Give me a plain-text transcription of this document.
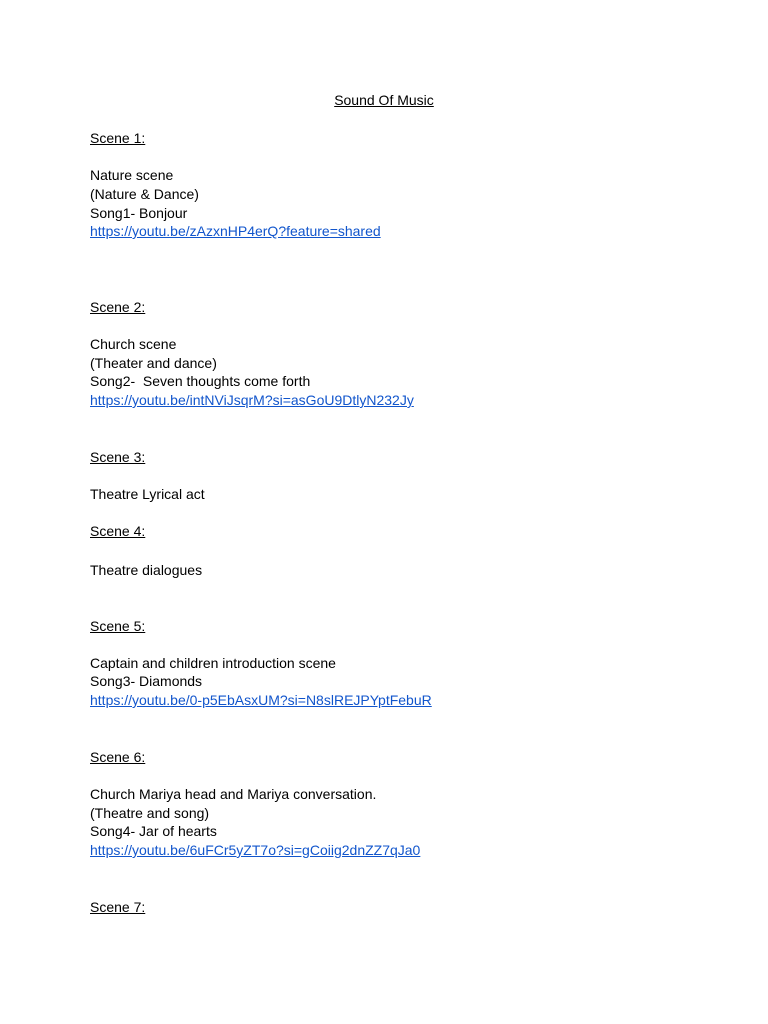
Sound Of Music
Scene 1:
Nature scene
(Nature & Dance)
Song1- Bonjour
https://youtu.be/zAzxnHP4erQ?feature=shared
Scene 2:
Church scene
(Theater and dance)
Song2-  Seven thoughts come forth
https://youtu.be/intNViJsqrM?si=asGoU9DtlyN232Jy
Scene 3:
Theatre Lyrical act
Scene 4:
Theatre dialogues
Scene 5:
Captain and children introduction scene
Song3- Diamonds
https://youtu.be/0-p5EbAsxUM?si=N8slREJPYptFebuR
Scene 6:
Church Mariya head and Mariya conversation.
(Theatre and song)
Song4- Jar of hearts
https://youtu.be/6uFCr5yZT7o?si=gCoiig2dnZZ7qJa0
Scene 7:
